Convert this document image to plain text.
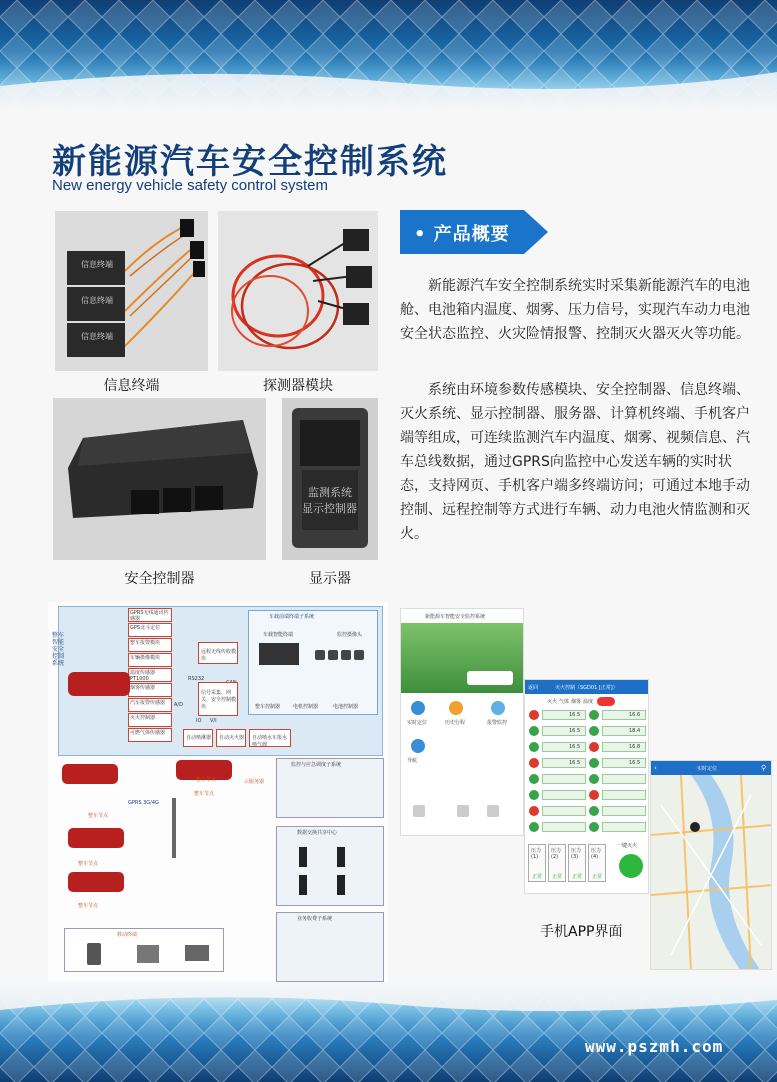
新能源汽车安全控制系统
New energy vehicle safety control system
信息终端
信息终端
信息终端
信息终端	探测器模块
安全控制器
监测系统
显示控制器
显示器
• 产品概要
新能源汽车安全控制系统实时采集新能源汽车的电池舱、电池箱内温度、烟雾、压力信号，实现汽车动力电池安全状态监控、火灾险情报警、控制灭火器灭火等功能。
系统由环境参数传感模块、安全控制器、信息终端、灭火系统、显示控制器、服务器、计算机终端、手机客户端等组成，可连续监测汽车内温度、烟雾、视频信息、汽车总线数据，通过GPRS向监控中心发送车辆的实时状态，支持网页、手机客户端多终端访问；可通过本地手动控制、远程控制等方式进行车辆、动力电池火情监测和灭火。
整车智能安全控制系统
GPRS无线通讯传感器
GPS北斗定位
整车报警模块
车辆摄像模块
温度传感器PT1000
烟雾传感器
汽车报警传感器
灭火控制器
可燃气体传感器
远程无线传收模块
RS232
A/D
IO V/I
信号采集、网关、安全控制模块
自动喷淋器 自动灭火器 自动喷水车报水喷气阀
车载前端终端子系统
车载智能终端	监控摄像头
整车控制器	电机控制器	电池控制器
整车节点
整车节点
整车节点
整车节点
整车节点
云服务器
GPRS 3G/4G
监控与应急调度子系统
数据交换共享中心
业务收费子系统
移动终端
新能源车智能安全监控系统
实时定位	历史行程	报警监控
导航
返回	灭火控制（SGD01 [正常]）
灭火 气体 烟雾 温度
16.5	16.6
16.5	18.4
16.5	16.8
16.5	16.5
压力(1)
正常
压力(2)
正常
压力(3)
正常
压力(4)
正常
一键灭火
‹	实时定位	⚲
手机APP界面
www.pszmh.com
